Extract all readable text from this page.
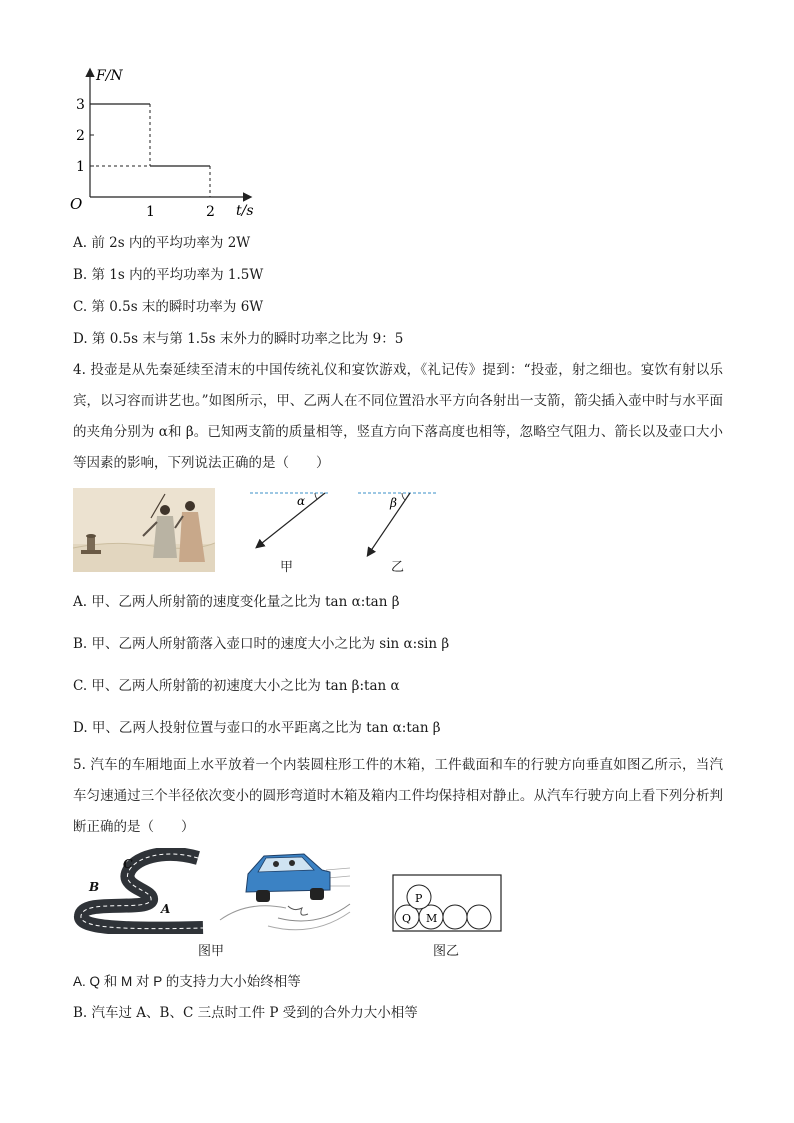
F/N
t/s
O
1
2
3
1	2
A. 前 2s 内的平均功率为 2W
B. 第 1s 内的平均功率为 1.5W
C. 第 0.5s 末的瞬时功率为 6W
D. 第 0.5s 末与第 1.5s 末外力的瞬时功率之比为 9：5
4. 投壶是从先秦延续至清末的中国传统礼仪和宴饮游戏，《礼记传》提到：“投壶，射之细也。宴饮有射以乐宾，以习容而讲艺也。”如图所示，甲、乙两人在不同位置沿水平方向各射出一支箭，箭尖插入壶中时与水平面的夹角分别为 α和 β。已知两支箭的质量相等，竖直方向下落高度也相等，忽略空气阻力、箭长以及壶口大小等因素的影响，下列说法正确的是（　　）
α	β
甲	乙
A. 甲、乙两人所射箭的速度变化量之比为 tan α:tan β
B. 甲、乙两人所射箭落入壶口时的速度大小之比为 sin α:sin β
C. 甲、乙两人所射箭的初速度大小之比为 tan β:tan α
D. 甲、乙两人投射位置与壶口的水平距离之比为 tan α:tan β
5. 汽车的车厢地面上水平放着一个内装圆柱形工件的木箱，工件截面和车的行驶方向垂直如图乙所示，当汽车匀速通过三个半径依次变小的圆形弯道时木箱及箱内工件均保持相对静止。从汽车行驶方向上看下列分析判断正确的是（　　）
C
B
A
图甲
P
Q M
图乙
A. Q 和 M 对 P 的支持力大小始终相等
B. 汽车过 A、B、C 三点时工件 P 受到的合外力大小相等
